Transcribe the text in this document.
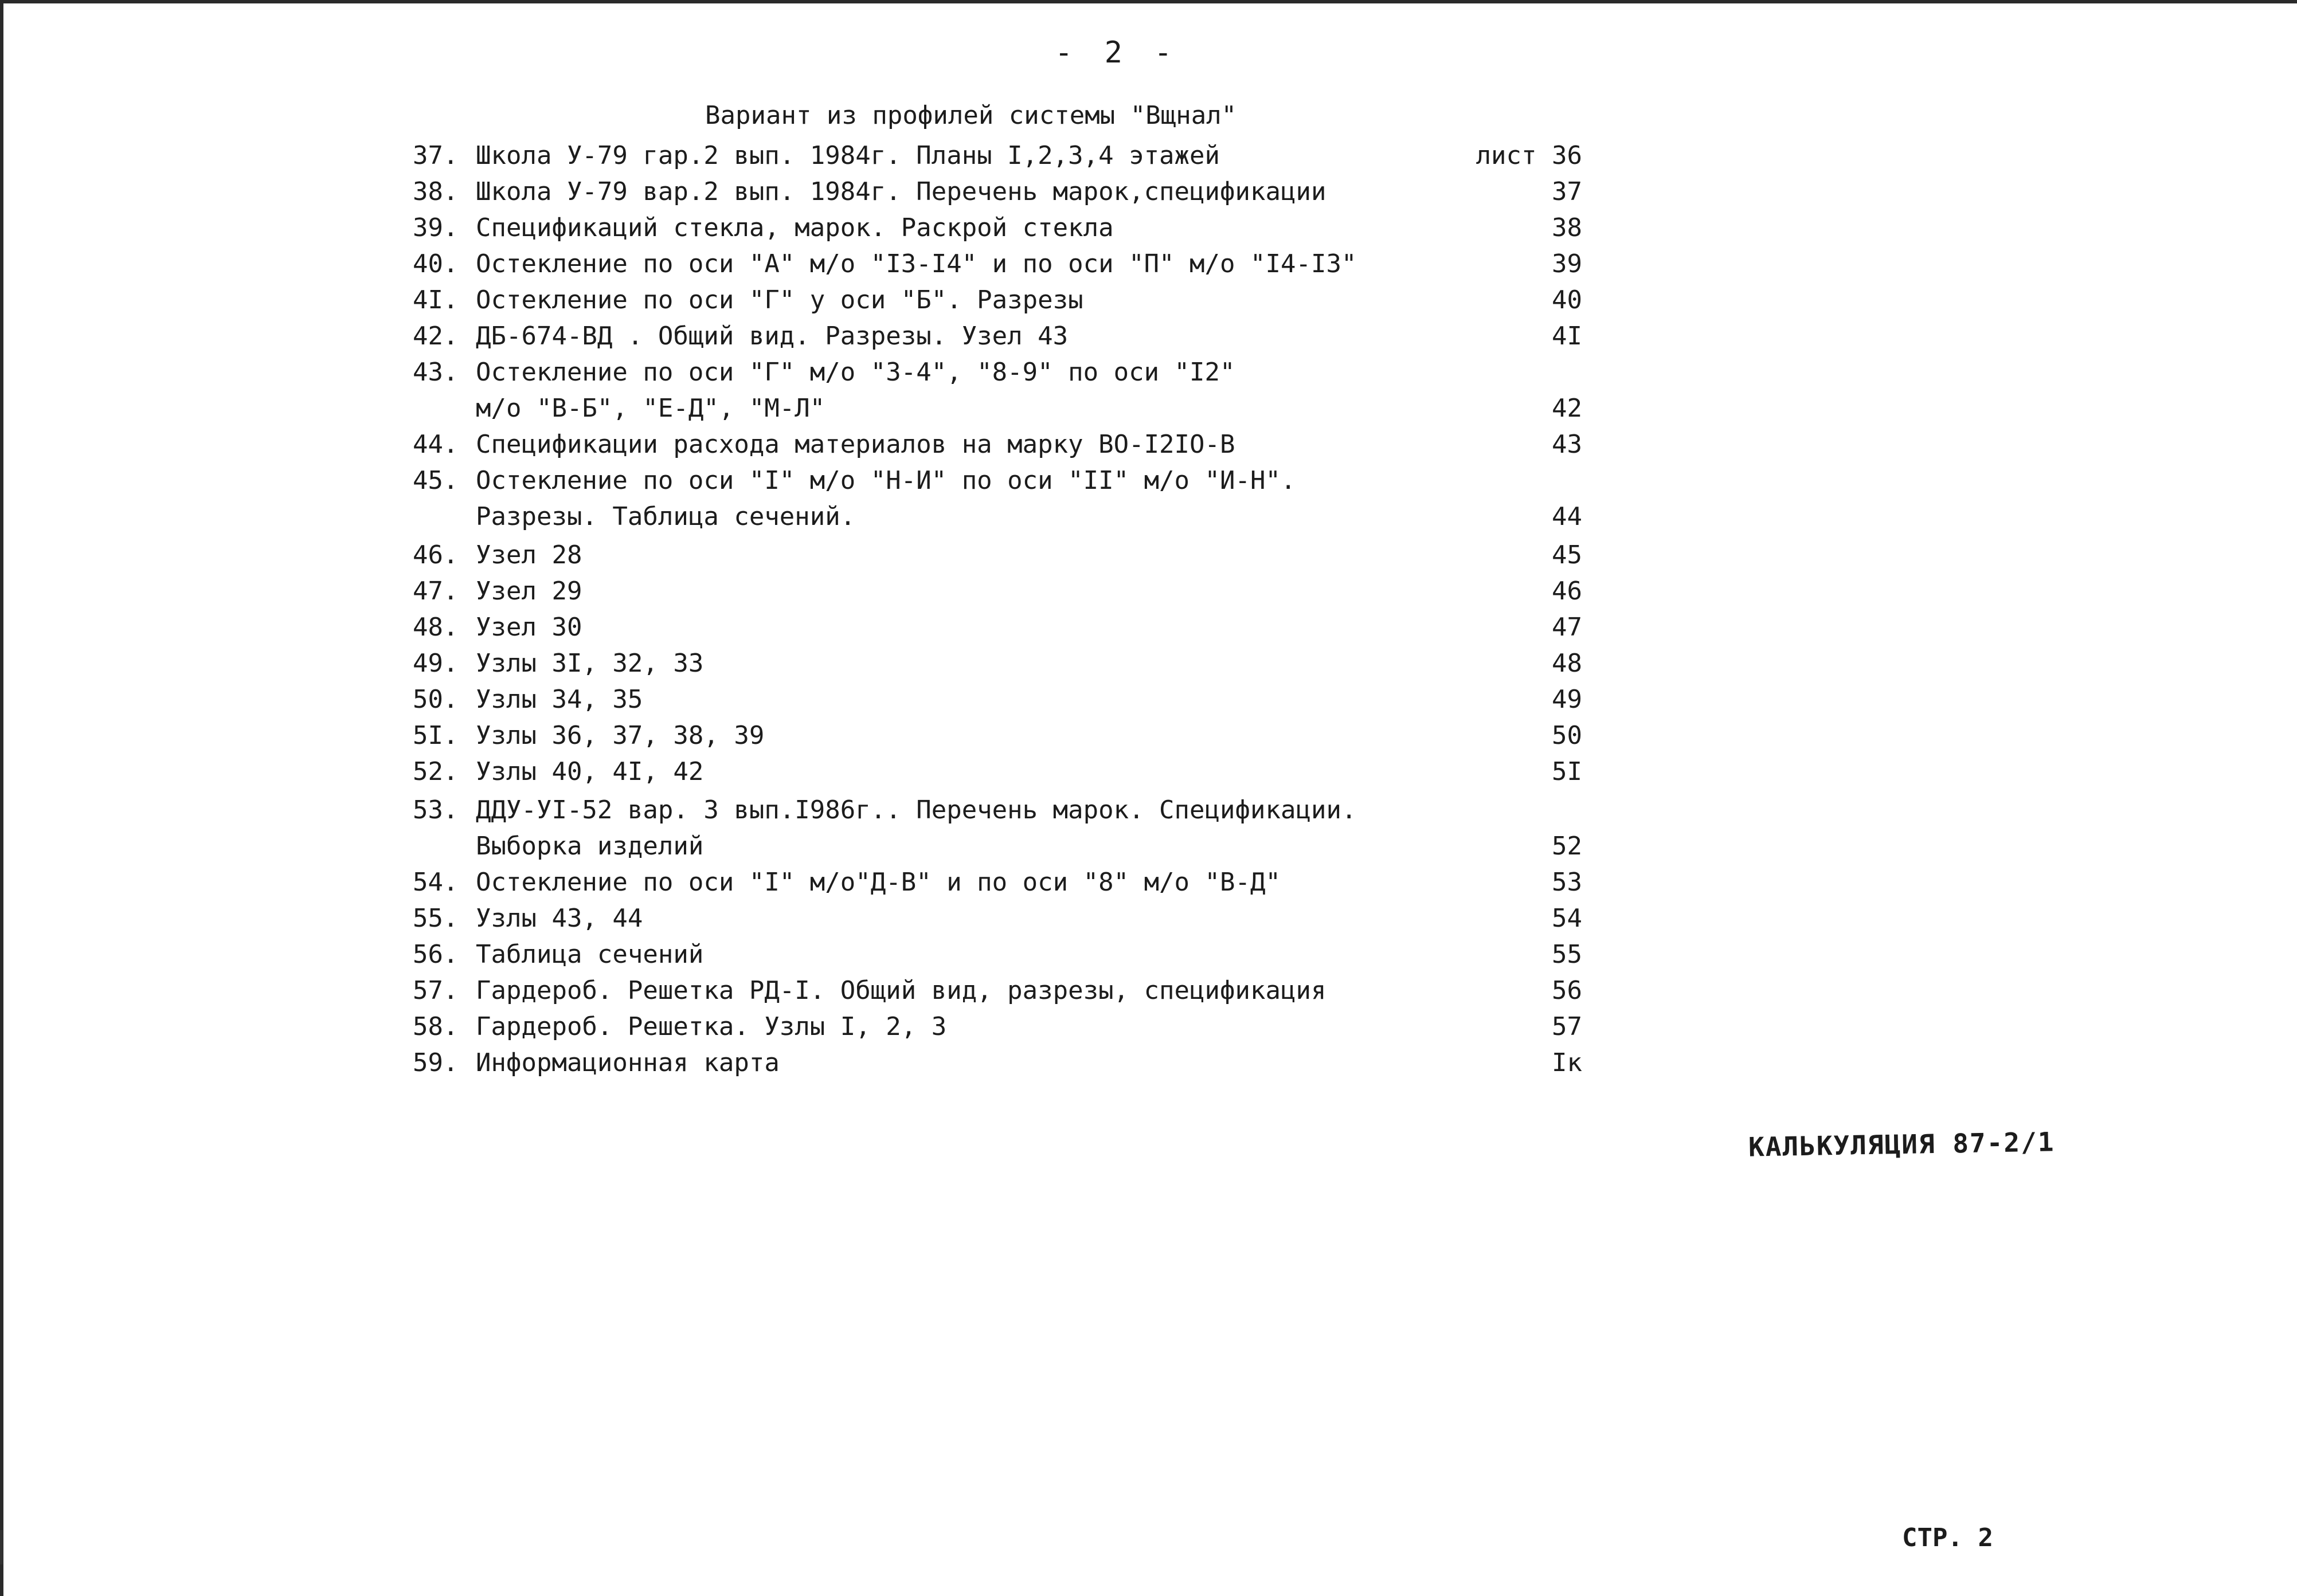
- 2 -
Вариант из профилей системы "Вщнал"
37. Школа У-79 гар.2 вып. 1984г. Планы I,2,3,4 этажей	лист 36
38. Школа У-79 вар.2 вып. 1984г. Перечень марок,спецификации	37
39. Спецификаций стекла, марок. Раскрой стекла	38
40. Остекление по оси "А" м/о "I3-I4" и по оси "П" м/о "I4-I3"	39
4I. Остекление по оси "Г" у оси "Б". Разрезы	40
42. ДБ-674-ВД . Общий вид. Разрезы. Узел 43	4I
43. Остекление по оси "Г" м/о "3-4", "8-9" по оси "I2"
м/о "В-Б", "Е-Д", "М-Л"	42
44. Спецификации расхода материалов на марку ВО-I2IO-В	43
45. Остекление по оси "I" м/о "Н-И" по оси "II" м/о "И-Н".
Разрезы. Таблица сечений.	44
46. Узел 28	45
47. Узел 29	46
48. Узел 30	47
49. Узлы 3I, 32, 33	48
50. Узлы 34, 35	49
5I. Узлы 36, 37, 38, 39	50
52. Узлы 40, 4I, 42	5I
53. ДДУ-УI-52 вар. 3 вып.I986г.. Перечень марок. Спецификации.
Выборка изделий	52
54. Остекление по оси "I" м/о"Д-В" и по оси "8" м/о "В-Д"	53
55. Узлы 43, 44	54
56. Таблица сечений	55
57. Гардероб. Решетка РД-I. Общий вид, разрезы, спецификация	56
58. Гардероб. Решетка. Узлы I, 2, 3	57
59. Информационная карта	Iк
КАЛЬКУЛЯЦИЯ 87-2/1
СТР. 2
